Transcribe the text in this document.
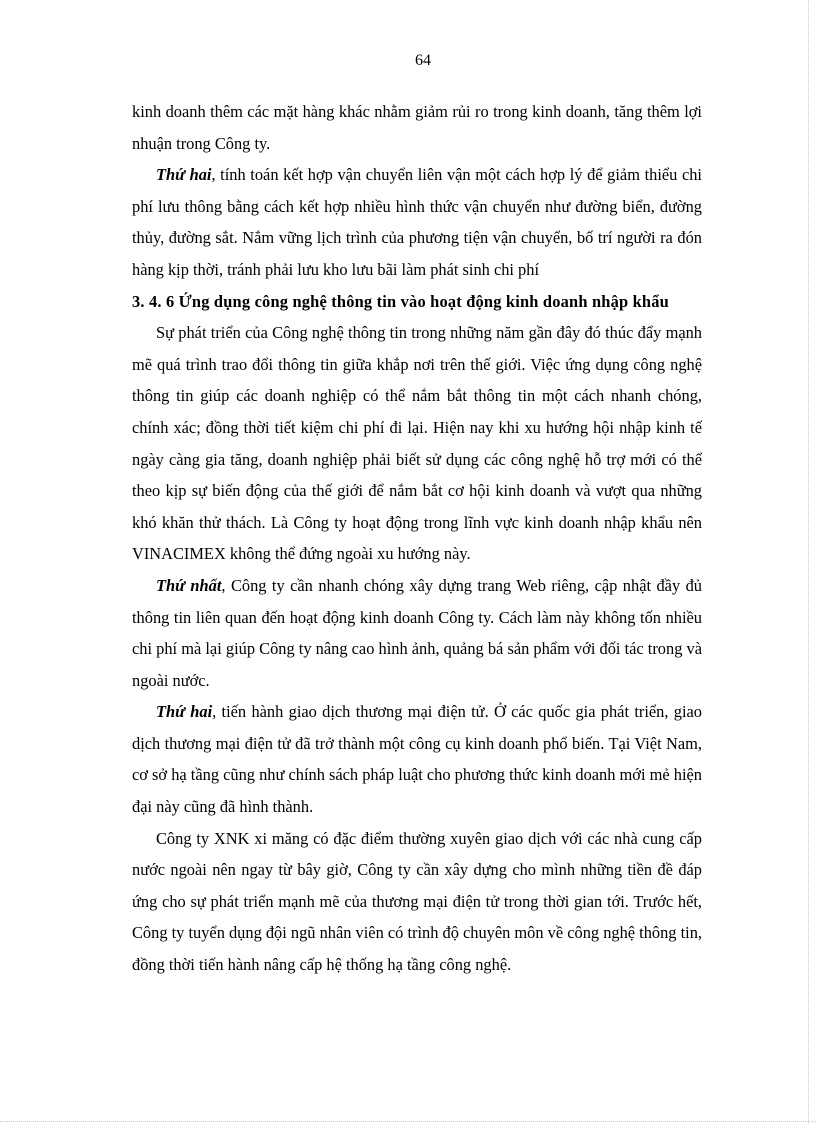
64

kinh doanh thêm các mặt hàng khác nhằm giảm rủi ro trong kinh doanh, tăng thêm lợi nhuận trong Công ty.

Thứ hai, tính toán kết hợp vận chuyển liên vận một cách hợp lý để giảm thiểu chi phí lưu thông bằng cách kết hợp nhiều hình thức vận chuyển như đường biển, đường thủy, đường sắt. Nắm vững lịch trình của phương tiện vận chuyển, bố trí người ra đón hàng kịp thời, tránh phải lưu kho lưu bãi làm phát sinh chi phí

3. 4. 6 Ứng dụng công nghệ thông tin vào hoạt động kinh doanh nhập khẩu

Sự phát triển của Công nghệ thông tin trong những năm gần đây đó thúc đẩy mạnh mẽ quá trình trao đổi thông tin giữa khắp nơi trên thế giới. Việc ứng dụng công nghệ thông tin giúp các doanh nghiệp có thể nắm bắt thông tin một cách nhanh chóng, chính xác; đồng thời tiết kiệm chi phí đi lại. Hiện nay khi xu hướng hội nhập kinh tế ngày càng gia tăng, doanh nghiệp phải biết sử dụng các công nghệ hỗ trợ mới có thể theo kịp sự biến động của thế giới để nắm bắt cơ hội kinh doanh và vượt qua những khó khăn thử thách. Là Công ty hoạt động trong lĩnh vực kinh doanh nhập khẩu nên VINACIMEX không thể đứng ngoài xu hướng này.

Thứ nhất, Công ty cần nhanh chóng xây dựng trang Web riêng, cập nhật đầy đủ thông tin liên quan đến hoạt động kinh doanh Công ty. Cách làm này không tốn nhiều chi phí mà lại giúp Công ty nâng cao hình ảnh, quảng bá sản phẩm với đối tác trong và ngoài nước.

Thứ hai, tiến hành giao dịch thương mại điện tử. Ở các quốc gia phát triển, giao dịch thương mại điện tử đã trở thành một công cụ kinh doanh phổ biến. Tại Việt Nam, cơ sở hạ tầng cũng như chính sách pháp luật cho phương thức kinh doanh mới mẻ hiện đại này cũng đã hình thành.

Công ty XNK xi măng có đặc điểm thường xuyên giao dịch với các nhà cung cấp nước ngoài nên ngay từ bây giờ, Công ty cần xây dựng cho mình những tiền đề đáp ứng cho sự phát triển mạnh mẽ của thương mại điện tử trong thời gian tới. Trước hết, Công ty tuyển dụng đội ngũ nhân viên có trình độ chuyên môn về công nghệ thông tin, đồng thời tiến hành nâng cấp hệ thống hạ tầng công nghệ.
